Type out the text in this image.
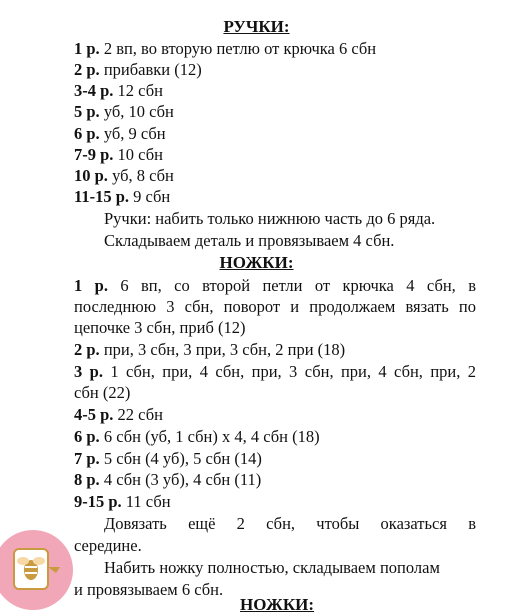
РУЧКИ:
1 р. 2 вп, во вторую петлю от крючка 6 сбн
2 р. прибавки (12)
3-4 р. 12 сбн
5 р. уб, 10 сбн
6 р. уб, 9 сбн
7-9 р. 10 сбн
10 р. уб, 8 сбн
11-15 р. 9 сбн
Ручки: набить только нижнюю часть до 6 ряда.
Складываем деталь и провязываем 4 сбн.
НОЖКИ:
1 р. 6 вп, со второй петли от крючка 4 сбн, в
последнюю 3 сбн, поворот и продолжаем вязать по
цепочке 3 сбн, приб (12)
2 р. при, 3 сбн, 3 при, 3 сбн, 2 при (18)
3 р. 1 сбн, при, 4 сбн, при, 3 сбн, при, 4 сбн, при, 2
сбн (22)
4-5 р. 22 сбн
6 р. 6 сбн (уб, 1 сбн) х 4, 4 сбн (18)
7 р. 5 сбн (4 уб), 5 сбн (14)
8 р. 4 сбн (3 уб), 4 сбн (11)
9-15 р. 11 сбн
Довязать ещё 2 сбн, чтобы оказаться в
середине.
Набить ножку полностью, складываем пополам
и провязываем 6 сбн.
НОЖКИ:
